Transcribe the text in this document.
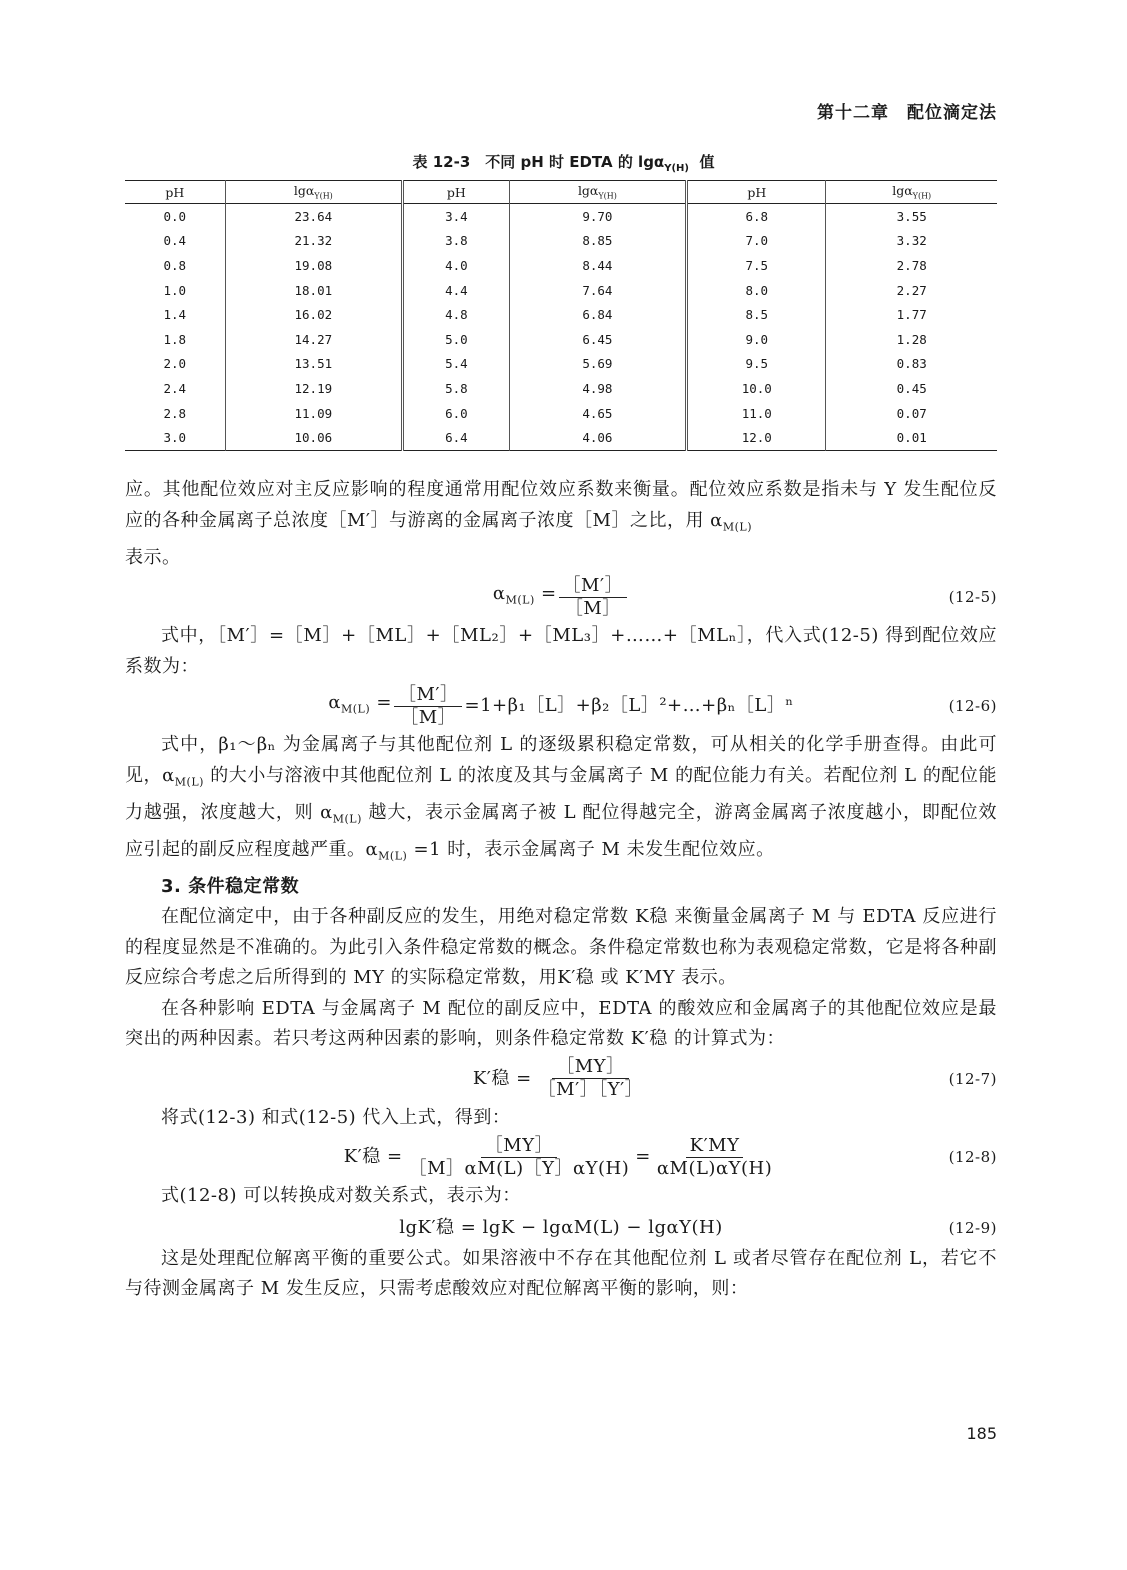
第十二章　配位滴定法
表 12-3　不同 pH 时 EDTA 的 lgα$_{Y(H)}$ 值
pH	lgα$_{Y(H)}$	pH	lgα$_{Y(H)}$	pH	lgα$_{Y(H)}$
0.0	23.64	3.4	9.70	6.8	3.55
0.4	21.32	3.8	8.85	7.0	3.32
0.8	19.08	4.0	8.44	7.5	2.78
1.0	18.01	4.4	7.64	8.0	2.27
1.4	16.02	4.8	6.84	8.5	1.77
1.8	14.27	5.0	6.45	9.0	1.28
2.0	13.51	5.4	5.69	9.5	0.83
2.4	12.19	5.8	4.98	10.0	0.45
2.8	11.09	6.0	4.65	11.0	0.07
3.0	10.06	6.4	4.06	12.0	0.01

应。其他配位效应对主反应影响的程度通常用配位效应系数来衡量。配位效应系数是指未与 Y 发生配位反应的各种金属离子总浓度［M′］与游离的金属离子浓度［M］之比，用 $\alpha_{M(L)}$
表示。

$\alpha_{M(L)} = \frac{[M']}{[M]}$	(12-5)

式中，［M′］=［M］+［ML］+［ML₂］+［ML₃］+……+［MLₙ］，代入式(12-5) 得到配位效应系数为：

$\alpha_{M(L)} = \frac{[M']}{[M]}$ =1+β₁［L］+β₂［L］²+…+βₙ［L］ⁿ	(12-6)

式中，β₁～βₙ 为金属离子与其他配位剂 L 的逐级累积稳定常数，可从相关的化学手册查得。由此可见，$\alpha_{M(L)}$ 的大小与溶液中其他配位剂 L 的浓度及其与金属离子 M 的配位能力有关。若配位剂 L 的配位能力越强，浓度越大，则 $\alpha_{M(L)}$ 越大，表示金属离子被 L 配位得越完全，游离金属离子浓度越小，即配位效应引起的副反应程度越严重。$\alpha_{M(L)} =1$ 时，表示金属离子 M 未发生配位效应。

3. 条件稳定常数

在配位滴定中，由于各种副反应的发生，用绝对稳定常数 K稳 来衡量金属离子 M 与 EDTA 反应进行的程度显然是不准确的。为此引入条件稳定常数的概念。条件稳定常数也称为表观稳定常数，它是将各种副反应综合考虑之后所得到的 MY 的实际稳定常数，用K′稳 或 K′MY 表示。

在各种影响 EDTA 与金属离子 M 配位的副反应中，EDTA 的酸效应和金属离子的其他配位效应是最突出的两种因素。若只考这两种因素的影响，则条件稳定常数 K′稳 的计算式为：

K′稳 = $\frac{[MY]}{[M'][Y']}$	(12-7)

将式(12-3) 和式(12-5) 代入上式，得到：

K′稳 = $\frac{[MY]}{[M]\alpha M(L)[Y]\alpha Y(H)} = \frac{K'MY}{\alpha M(L)\alpha Y(H)}$	(12-8)

式(12-8) 可以转换成对数关系式，表示为：

lgK′稳 = lgK − lgαM(L) − lgαY(H)	(12-9)

这是处理配位解离平衡的重要公式。如果溶液中不存在其他配位剂 L 或者尽管存在配位剂 L，若它不与待测金属离子 M 发生反应，只需考虑酸效应对配位解离平衡的影响，则：

185
